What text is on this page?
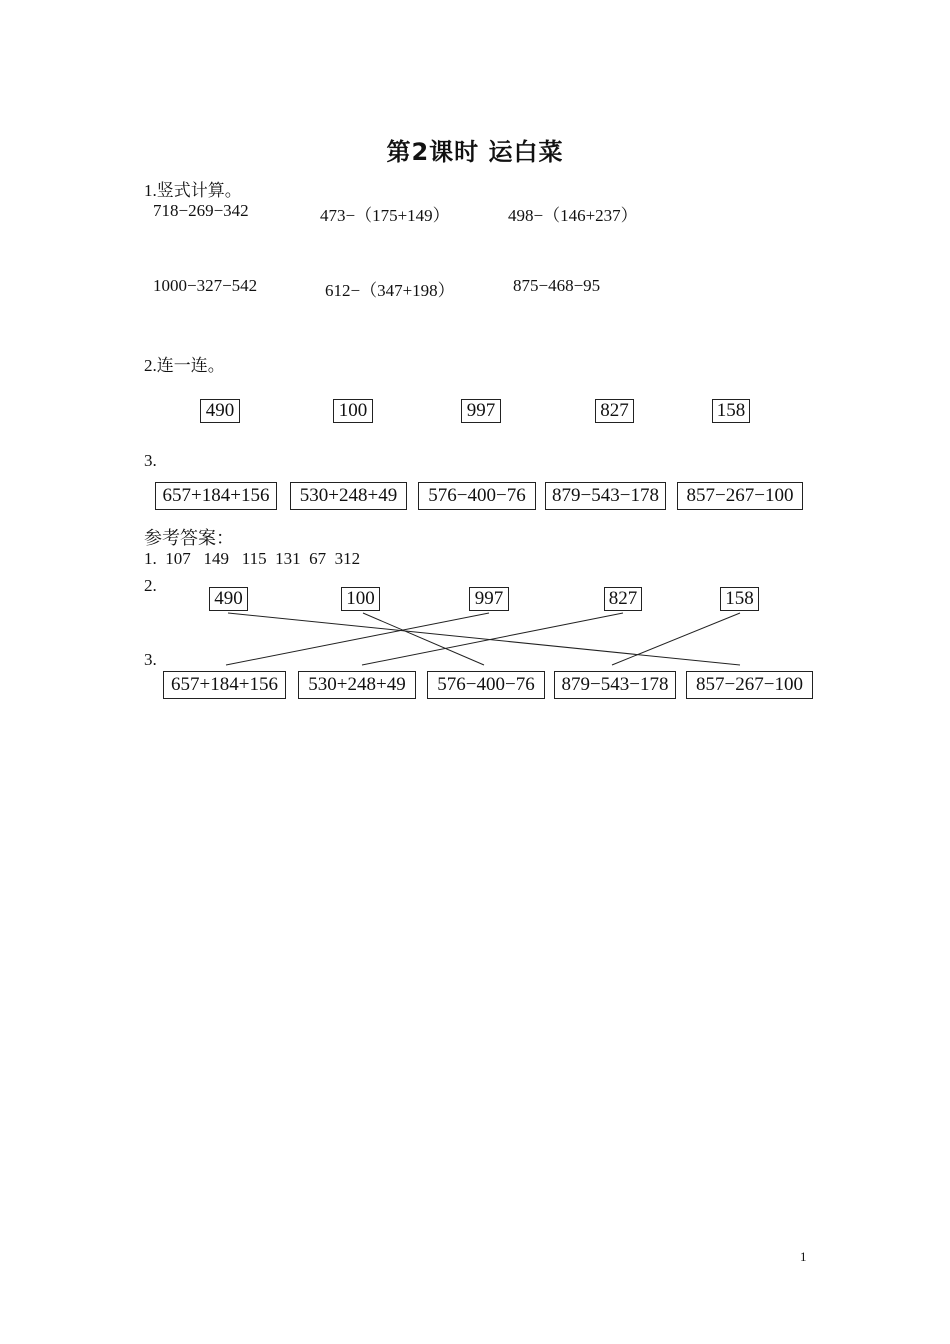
第2课时 运白菜
1.竖式计算。
718−269−342	473−（175+149）	498−（146+237）
1000−327−542	612−（347+198）	875−468−95
2.连一连。
490	100	997	827	158
3.
657+184+156	530+248+49	576−400−76	879−543−178	857−267−100
参考答案：
1.  107   149   115  131  67  312
2.
490	100	997	827	158
3.
657+184+156	530+248+49	576−400−76	879−543−178	857−267−100
1
